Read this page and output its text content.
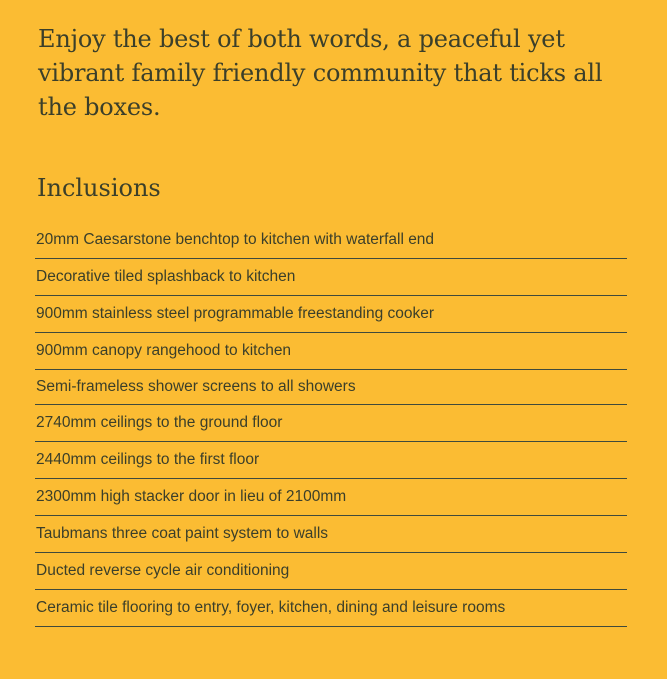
Enjoy the best of both words, a peaceful yet vibrant family friendly community that ticks all the boxes.

Inclusions
20mm Caesarstone benchtop to kitchen with waterfall end
Decorative tiled splashback to kitchen
900mm stainless steel programmable freestanding cooker
900mm canopy rangehood to kitchen
Semi-frameless shower screens to all showers
2740mm ceilings to the ground floor
2440mm ceilings to the first floor
2300mm high stacker door in lieu of 2100mm
Taubmans three coat paint system to walls
Ducted reverse cycle air conditioning
Ceramic tile flooring to entry, foyer, kitchen, dining and leisure rooms
